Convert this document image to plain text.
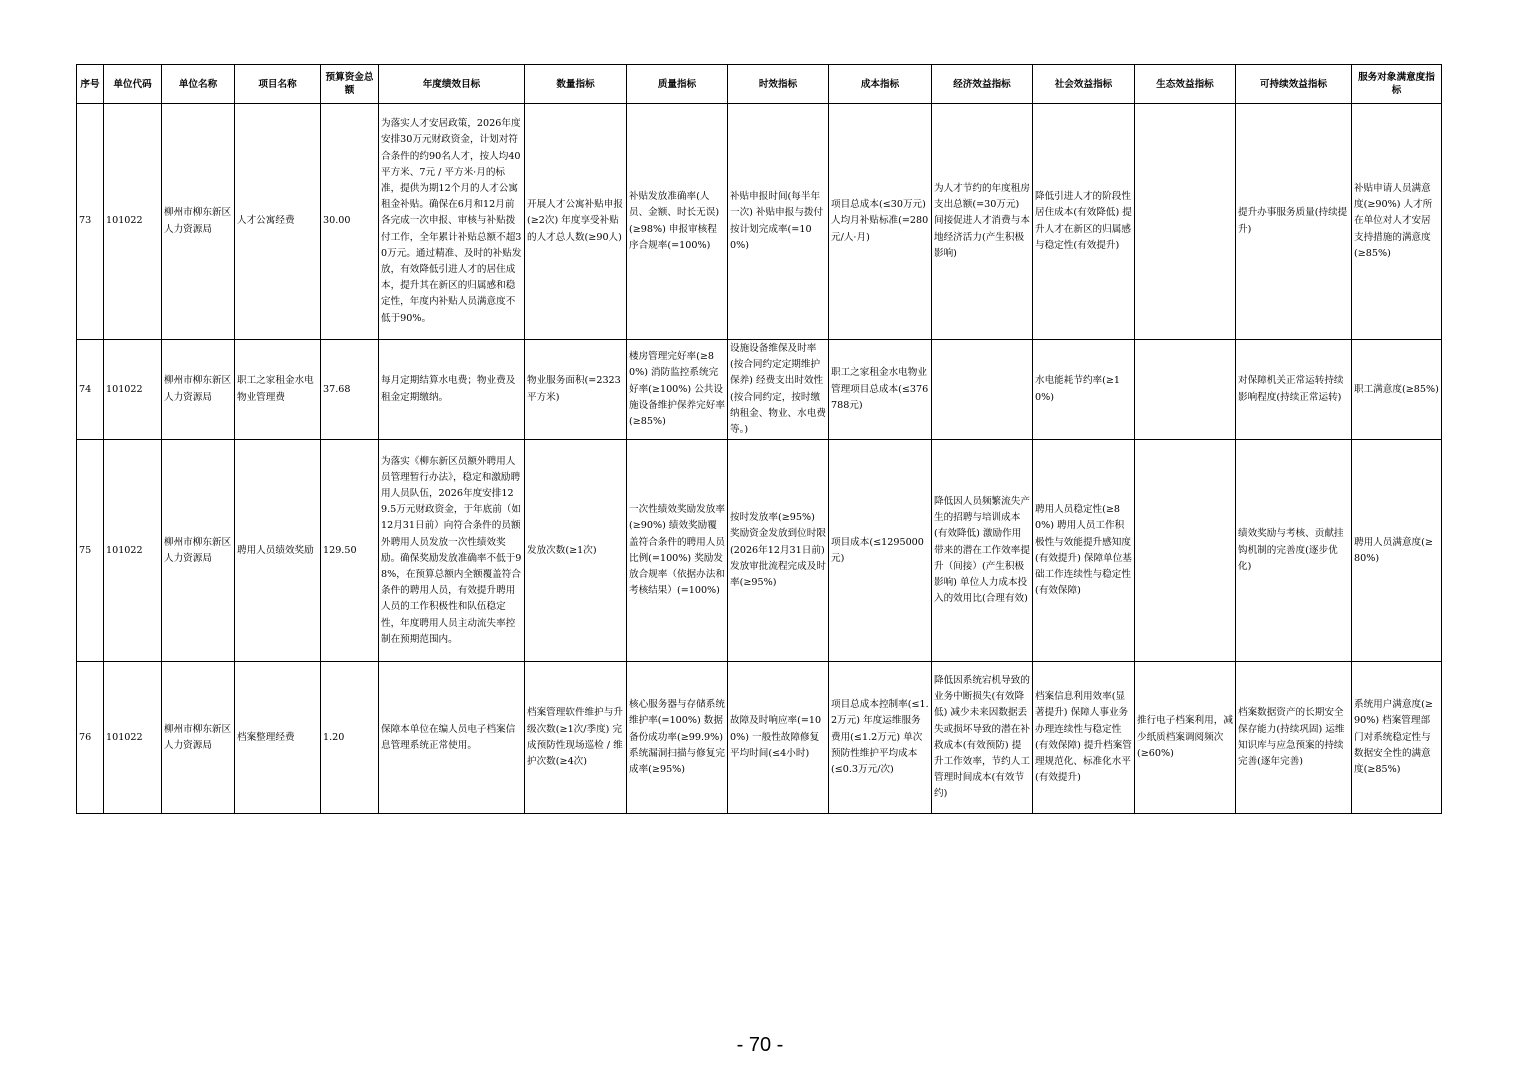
序号	单位代码	单位名称	项目名称	预算资金总额	年度绩效目标	数量指标	质量指标	时效指标	成本指标	经济效益指标	社会效益指标	生态效益指标	可持续效益指标	服务对象满意度指标
73	101022	柳州市柳东新区人力资源局	人才公寓经费	30.00	为落实人才安居政策，2026年度安排30万元财政资金，计划对符合条件的约90名人才，按人均40平方米、7元 / 平方米·月的标准，提供为期12个月的人才公寓租金补贴。确保在6月和12月前各完成一次申报、审核与补贴拨付工作，全年累计补贴总额不超30万元。通过精准、及时的补贴发放，有效降低引进人才的居住成本，提升其在新区的归属感和稳定性，年度内补贴人员满意度不低于90%。	开展人才公寓补贴申报(≥2次) 年度享受补贴的人才总人数(≥90人)	补贴发放准确率(人员、金额、时长无误) (≥98%) 申报审核程序合规率(=100%)	补贴申报时间(每半年一次) 补贴申报与拨付按计划完成率(=100%)	项目总成本(≤30万元) 人均月补贴标准(=280元/人·月)	为人才节约的年度租房支出总额(=30万元) 间接促进人才消费与本地经济活力(产生积极影响)	降低引进人才的阶段性居住成本(有效降低) 提升人才在新区的归属感与稳定性(有效提升)		提升办事服务质量(持续提升)	补贴申请人员满意度(≥90%) 人才所在单位对人才安居支持措施的满意度(≥85%)
74	101022	柳州市柳东新区人力资源局	职工之家租金水电物业管理费	37.68	每月定期结算水电费；物业费及租金定期缴纳。	物业服务面积(=2323平方米)	楼房管理完好率(≥80%) 消防监控系统完好率(≥100%) 公共设施设备维护保养完好率(≥85%)	设施设备维保及时率(按合同约定定期维护保养) 经费支出时效性(按合同约定，按时缴纳租金、物业、水电费等。)	职工之家租金水电物业管理项目总成本(≤376788元)		水电能耗节约率(≥10%)		对保障机关正常运转持续影响程度(持续正常运转)	职工满意度(≥85%)
75	101022	柳州市柳东新区人力资源局	聘用人员绩效奖励	129.50	为落实《柳东新区员额外聘用人员管理暂行办法》，稳定和激励聘用人员队伍，2026年度安排129.5万元财政资金，于年底前（如12月31日前）向符合条件的员额外聘用人员发放一次性绩效奖励。确保奖励发放准确率不低于98%，在预算总额内全额覆盖符合条件的聘用人员，有效提升聘用人员的工作积极性和队伍稳定性，年度聘用人员主动流失率控制在预期范围内。	发放次数(≥1次)	一次性绩效奖励发放率(≥90%) 绩效奖励覆盖符合条件的聘用人员比例(=100%) 奖励发放合规率（依据办法和考核结果）(=100%)	按时发放率(≥95%) 奖励资金发放到位时限(2026年12月31日前) 发放审批流程完成及时率(≥95%)	项目成本(≤1295000元)	降低因人员频繁流失产生的招聘与培训成本(有效降低) 激励作用带来的潜在工作效率提升（间接）(产生积极影响) 单位人力成本投入的效用比(合理有效)	聘用人员稳定性(≥80%) 聘用人员工作积极性与效能提升感知度(有效提升) 保障单位基础工作连续性与稳定性(有效保障)		绩效奖励与考核、贡献挂钩机制的完善度(逐步优化)	聘用人员满意度(≥80%)
76	101022	柳州市柳东新区人力资源局	档案整理经费	1.20	保障本单位在编人员电子档案信息管理系统正常使用。	档案管理软件维护与升级次数(≥1次/季度) 完成预防性现场巡检 / 维护次数(≥4次)	核心服务器与存储系统维护率(=100%) 数据备份成功率(≥99.9%) 系统漏洞扫描与修复完成率(≥95%)	故障及时响应率(=100%) 一般性故障修复平均时间(≤4小时)	项目总成本控制率(≤1.2万元) 年度运维服务费用(≤1.2万元) 单次预防性维护平均成本(≤0.3万元/次)	降低因系统宕机导致的业务中断损失(有效降低) 减少未来因数据丢失或损坏导致的潜在补救成本(有效预防) 提升工作效率，节约人工管理时间成本(有效节约)	档案信息利用效率(显著提升) 保障人事业务办理连续性与稳定性(有效保障) 提升档案管理规范化、标准化水平(有效提升)	推行电子档案利用，减少纸质档案调阅频次(≥60%)	档案数据资产的长期安全保存能力(持续巩固) 运维知识库与应急预案的持续完善(逐年完善)	系统用户满意度(≥90%) 档案管理部门对系统稳定性与数据安全性的满意度(≥85%)
- 70 -
